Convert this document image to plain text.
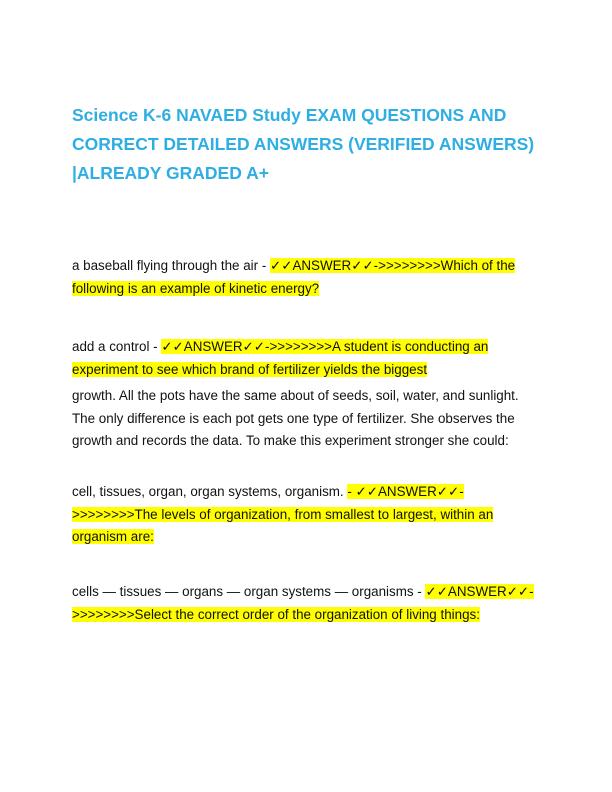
Science K-6 NAVAED Study EXAM QUESTIONS AND CORRECT DETAILED ANSWERS (VERIFIED ANSWERS) |ALREADY GRADED A+

a baseball flying through the air - ✓✓ANSWER✓✓->>>>>>>>Which of the following is an example of kinetic energy?

add a control - ✓✓ANSWER✓✓->>>>>>>>A student is conducting an experiment to see which brand of fertilizer yields the biggest

growth. All the pots have the same about of seeds, soil, water, and sunlight. The only difference is each pot gets one type of fertilizer. She observes the growth and records the data. To make this experiment stronger she could:

cell, tissues, organ, organ systems, organism. - ✓✓ANSWER✓✓->>>>>>>>The levels of organization, from smallest to largest, within an organism are:

cells — tissues — organs — organ systems — organisms - ✓✓ANSWER✓✓->>>>>>>>Select the correct order of the organization of living things:
